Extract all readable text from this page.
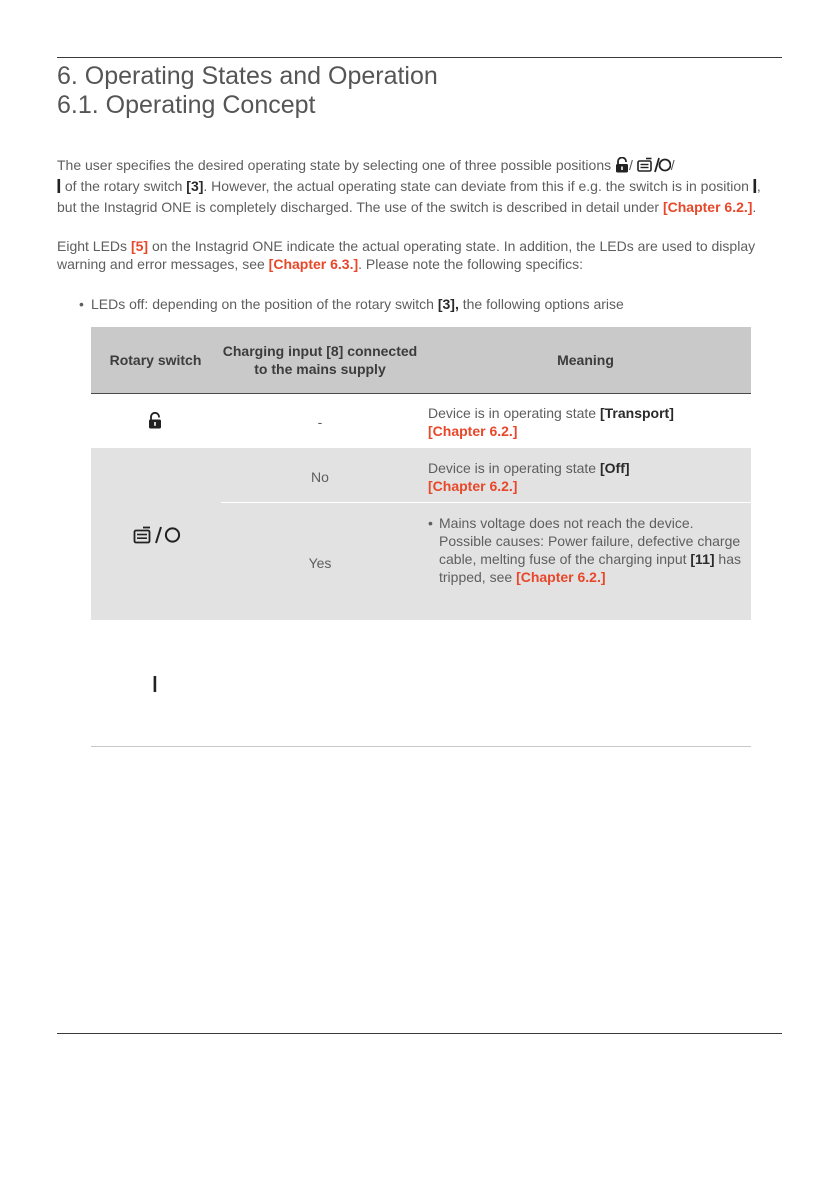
6. Operating States and Operation
6.1. Operating Concept

The user specifies the desired operating state by selecting one of three possible positions /	/
of the rotary switch [3]. However, the actual operating state can deviate from this if e.g. the switch is in position , but the Instagrid ONE is completely discharged. The use of the switch is described in detail under [Chapter 6.2.].

Eight LEDs [5] on the Instagrid ONE indicate the actual operating state. In addition, the LEDs are used to display warning and error messages, see [Chapter 6.3.]. Please note the following specifics:

• LEDs off: depending on the position of the rotary switch [3], the following options arise
Rotary switch
Charging input [8] connected to the mains supply
Meaning
-
Device is in operating state [Transport]
[Chapter 6.2.]
No
Device is in operating state [Off]
[Chapter 6.2.]
Yes
• Mains voltage does not reach the device. Possible causes: Power failure, defective charge cable, melting fuse of the charging input [11] has tripped, see [Chapter 6.2.]
